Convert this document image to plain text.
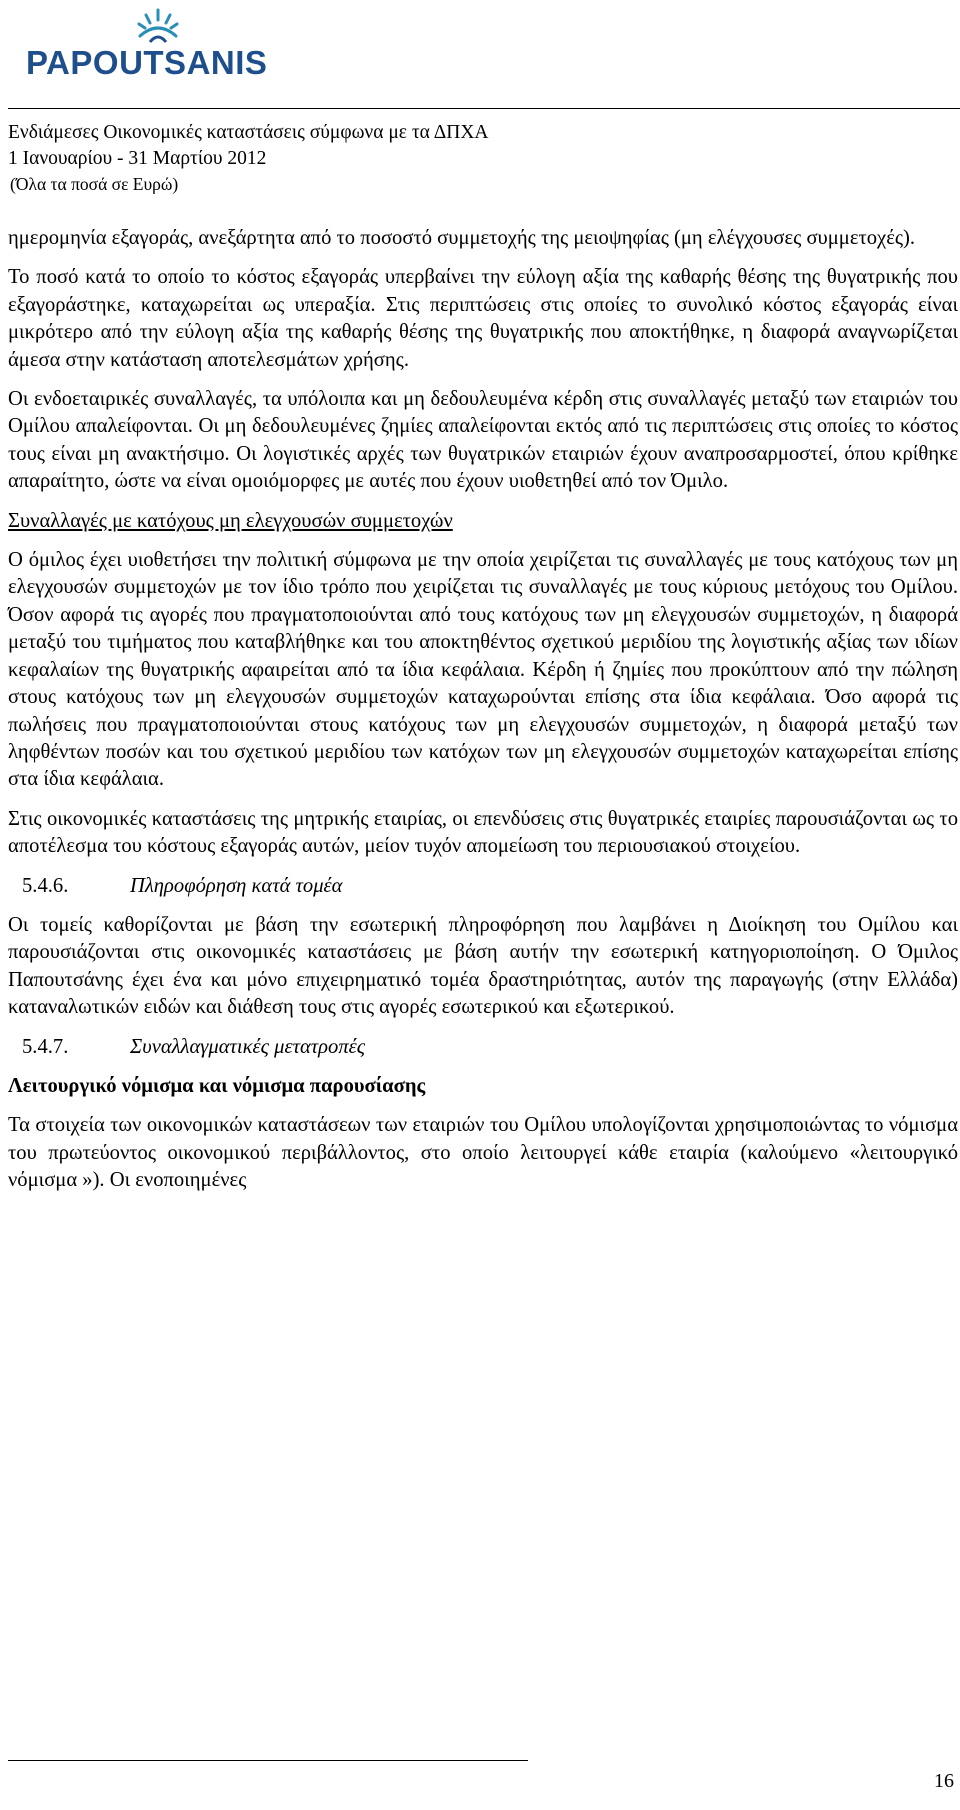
PAPOUTSANIS
Ενδιάμεσες Οικονομικές καταστάσεις σύμφωνα με τα ΔΠΧΑ
1 Ιανουαρίου - 31 Μαρτίου 2012
(Όλα τα ποσά σε Ευρώ)

ημερομηνία εξαγοράς, ανεξάρτητα από το ποσοστό συμμετοχής της μειοψηφίας (μη ελέγχουσες συμμετοχές).

Το ποσό κατά το οποίο το κόστος εξαγοράς υπερβαίνει την εύλογη αξία της καθαρής θέσης της θυγατρικής που εξαγοράστηκε, καταχωρείται ως υπεραξία. Στις περιπτώσεις στις οποίες το συνολικό κόστος εξαγοράς είναι μικρότερο από την εύλογη αξία της καθαρής θέσης της θυγατρικής που αποκτήθηκε, η διαφορά αναγνωρίζεται άμεσα στην κατάσταση αποτελεσμάτων χρήσης.

Οι ενδοεταιρικές συναλλαγές, τα υπόλοιπα και μη δεδουλευμένα κέρδη στις συναλλαγές μεταξύ των εταιριών του Ομίλου απαλείφονται. Οι μη δεδουλευμένες ζημίες απαλείφονται εκτός από τις περιπτώσεις στις οποίες το κόστος τους είναι μη ανακτήσιμο. Οι λογιστικές αρχές των θυγατρικών εταιριών έχουν αναπροσαρμοστεί, όπου κρίθηκε απαραίτητο, ώστε να είναι ομοιόμορφες με αυτές που έχουν υιοθετηθεί από τον Όμιλο.

Συναλλαγές με κατόχους μη ελεγχουσών συμμετοχών

Ο όμιλος έχει υιοθετήσει την πολιτική σύμφωνα με την οποία χειρίζεται τις συναλλαγές με τους κατόχους των μη ελεγχουσών συμμετοχών με τον ίδιο τρόπο που χειρίζεται τις συναλλαγές με τους κύριους μετόχους του Ομίλου. Όσον αφορά τις αγορές που πραγματοποιούνται από τους κατόχους των μη ελεγχουσών συμμετοχών, η διαφορά μεταξύ του τιμήματος που καταβλήθηκε και του αποκτηθέντος σχετικού μεριδίου της λογιστικής αξίας των ιδίων κεφαλαίων της θυγατρικής αφαιρείται από τα ίδια κεφάλαια. Κέρδη ή ζημίες που προκύπτουν από την πώληση στους κατόχους των μη ελεγχουσών συμμετοχών καταχωρούνται επίσης στα ίδια κεφάλαια. Όσο αφορά τις πωλήσεις που πραγματοποιούνται στους κατόχους των μη ελεγχουσών συμμετοχών, η διαφορά μεταξύ των ληφθέντων ποσών και του σχετικού μεριδίου των κατόχων των μη ελεγχουσών συμμετοχών καταχωρείται επίσης στα ίδια κεφάλαια.

Στις οικονομικές καταστάσεις της μητρικής εταιρίας, οι επενδύσεις στις θυγατρικές εταιρίες παρουσιάζονται ως το αποτέλεσμα του κόστους εξαγοράς αυτών, μείον τυχόν απομείωση του περιουσιακού στοιχείου.

5.4.6.	Πληροφόρηση κατά τομέα

Οι τομείς καθορίζονται με βάση την εσωτερική πληροφόρηση που λαμβάνει η Διοίκηση του Ομίλου και παρουσιάζονται στις οικονομικές καταστάσεις με βάση αυτήν την εσωτερική κατηγοριοποίηση. Ο Όμιλος Παπουτσάνης έχει ένα και μόνο επιχειρηματικό τομέα δραστηριότητας, αυτόν της παραγωγής (στην Ελλάδα) καταναλωτικών ειδών και διάθεση τους στις αγορές εσωτερικού και εξωτερικού.

5.4.7.	Συναλλαγματικές μετατροπές

Λειτουργικό νόμισμα και νόμισμα παρουσίασης

Τα στοιχεία των οικονομικών καταστάσεων των εταιριών του Ομίλου υπολογίζονται χρησιμοποιώντας το νόμισμα του πρωτεύοντος οικονομικού περιβάλλοντος, στο οποίο λειτουργεί κάθε εταιρία (καλούμενο «λειτουργικό νόμισμα »). Οι ενοποιημένες

16
